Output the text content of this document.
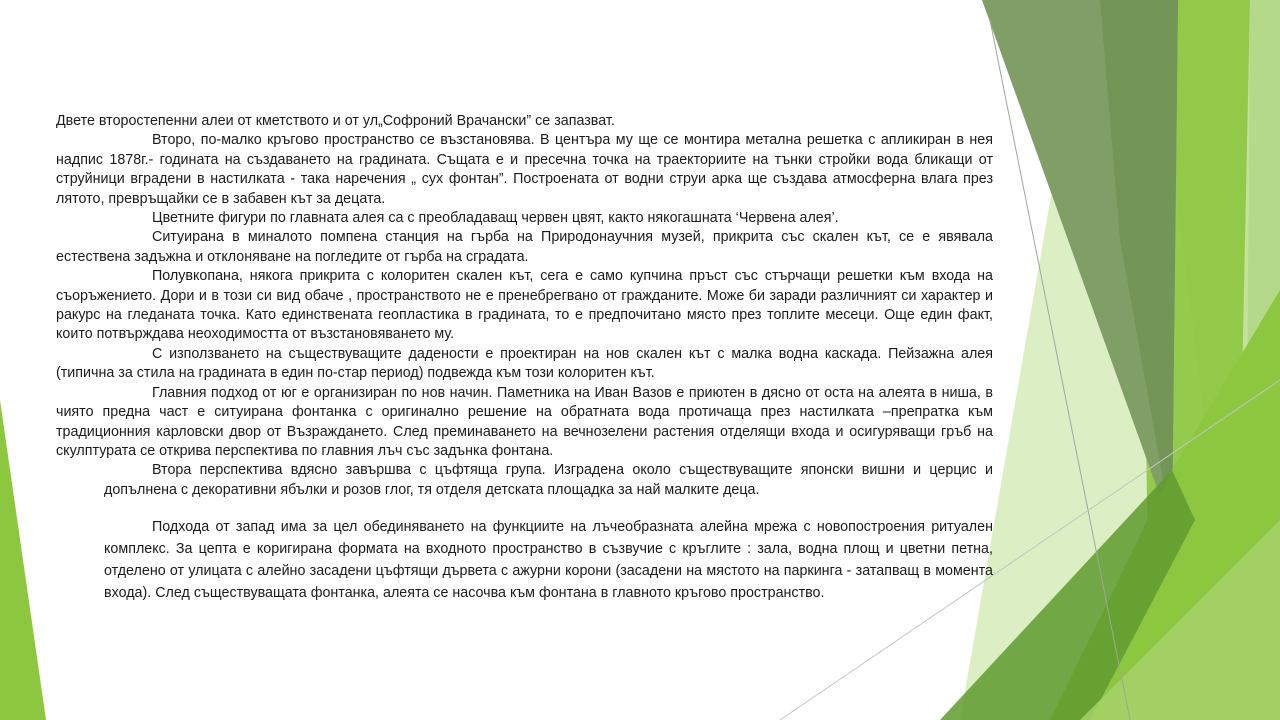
Двете второстепенни алеи от кметството и от ул„Софроний Врачански” се запазват.

Второ, по-малко кръгово пространство се възстановява. В центъра му ще се монтира метална решетка с апликиран в нея надпис 1878г.- годината на създаването на градината. Същата е и пресечна точка на траекториите на тънки стройки вода бликащи от струйници вградени в настилката - така наречения „ сух фонтан”. Построената от водни струи арка ще създава атмосферна влага през лятото, превръщайки се в забавен кът за децата.

Цветните фигури по главната алея са с преобладаващ червен цвят, както някогашната ‘Червена алея’.

Ситуирана в миналото помпена станция на гърба на Природонаучния музей, прикрита със скален кът, се е явявала естествена задъжна и отклоняване на погледите от гърба на сградата.

Полувкопана, някога прикрита с колоритен скален кът, сега е само купчина пръст със стърчащи решетки към входа на съоръжението. Дори и в този си вид обаче , пространството не е пренебрегвано от гражданите. Може би заради различният си характер и ракурс на гледаната точка. Като единствената геопластика в градината, то е предпочитано място през топлите месеци. Още един факт, които потвърждава неоходимостта от възстановяването му.

С използването на съществуващите дадености е проектиран на нов скален кът с малка водна каскада. Пейзажна алея (типична за стила на градината в един по-стар период) подвежда към този колоритен кът.

Главния подход от юг е организиран по нов начин. Паметника на Иван Вазов е приютен в дясно от оста на алеята в ниша, в чиято предна част е ситуирана фонтанка с оригинално решение на обратната вода протичаща през настилката –препратка към традиционния карловски двор от Възраждането. След преминаването на вечнозелени растения отделящи входа и осигуряващи гръб на скулптурата се открива перспектива по главния лъч със задънка фонтана.

Втора перспектива вдясно завършва с цъфтяща група. Изградена около съществуващите японски вишни и церцис и допълнена с декоративни ябълки и розов глог, тя отделя детската площадка за най малките деца.

Подхода от запад има за цел обединяването на функциите на лъчеобразната алейна мрежа с новопостроения ритуален комплекс. За цепта е коригирана формата на входното пространство в съзвучие с кръглите : зала, водна площ и цветни петна, отделено от улицата с алейно засадени цъфтящи дървета с ажурни корони (засадени на мястото на паркинга - затапващ в момента входа). След съществуващата фонтанка, алеята се насочва към фонтана в главното кръгово пространство.
